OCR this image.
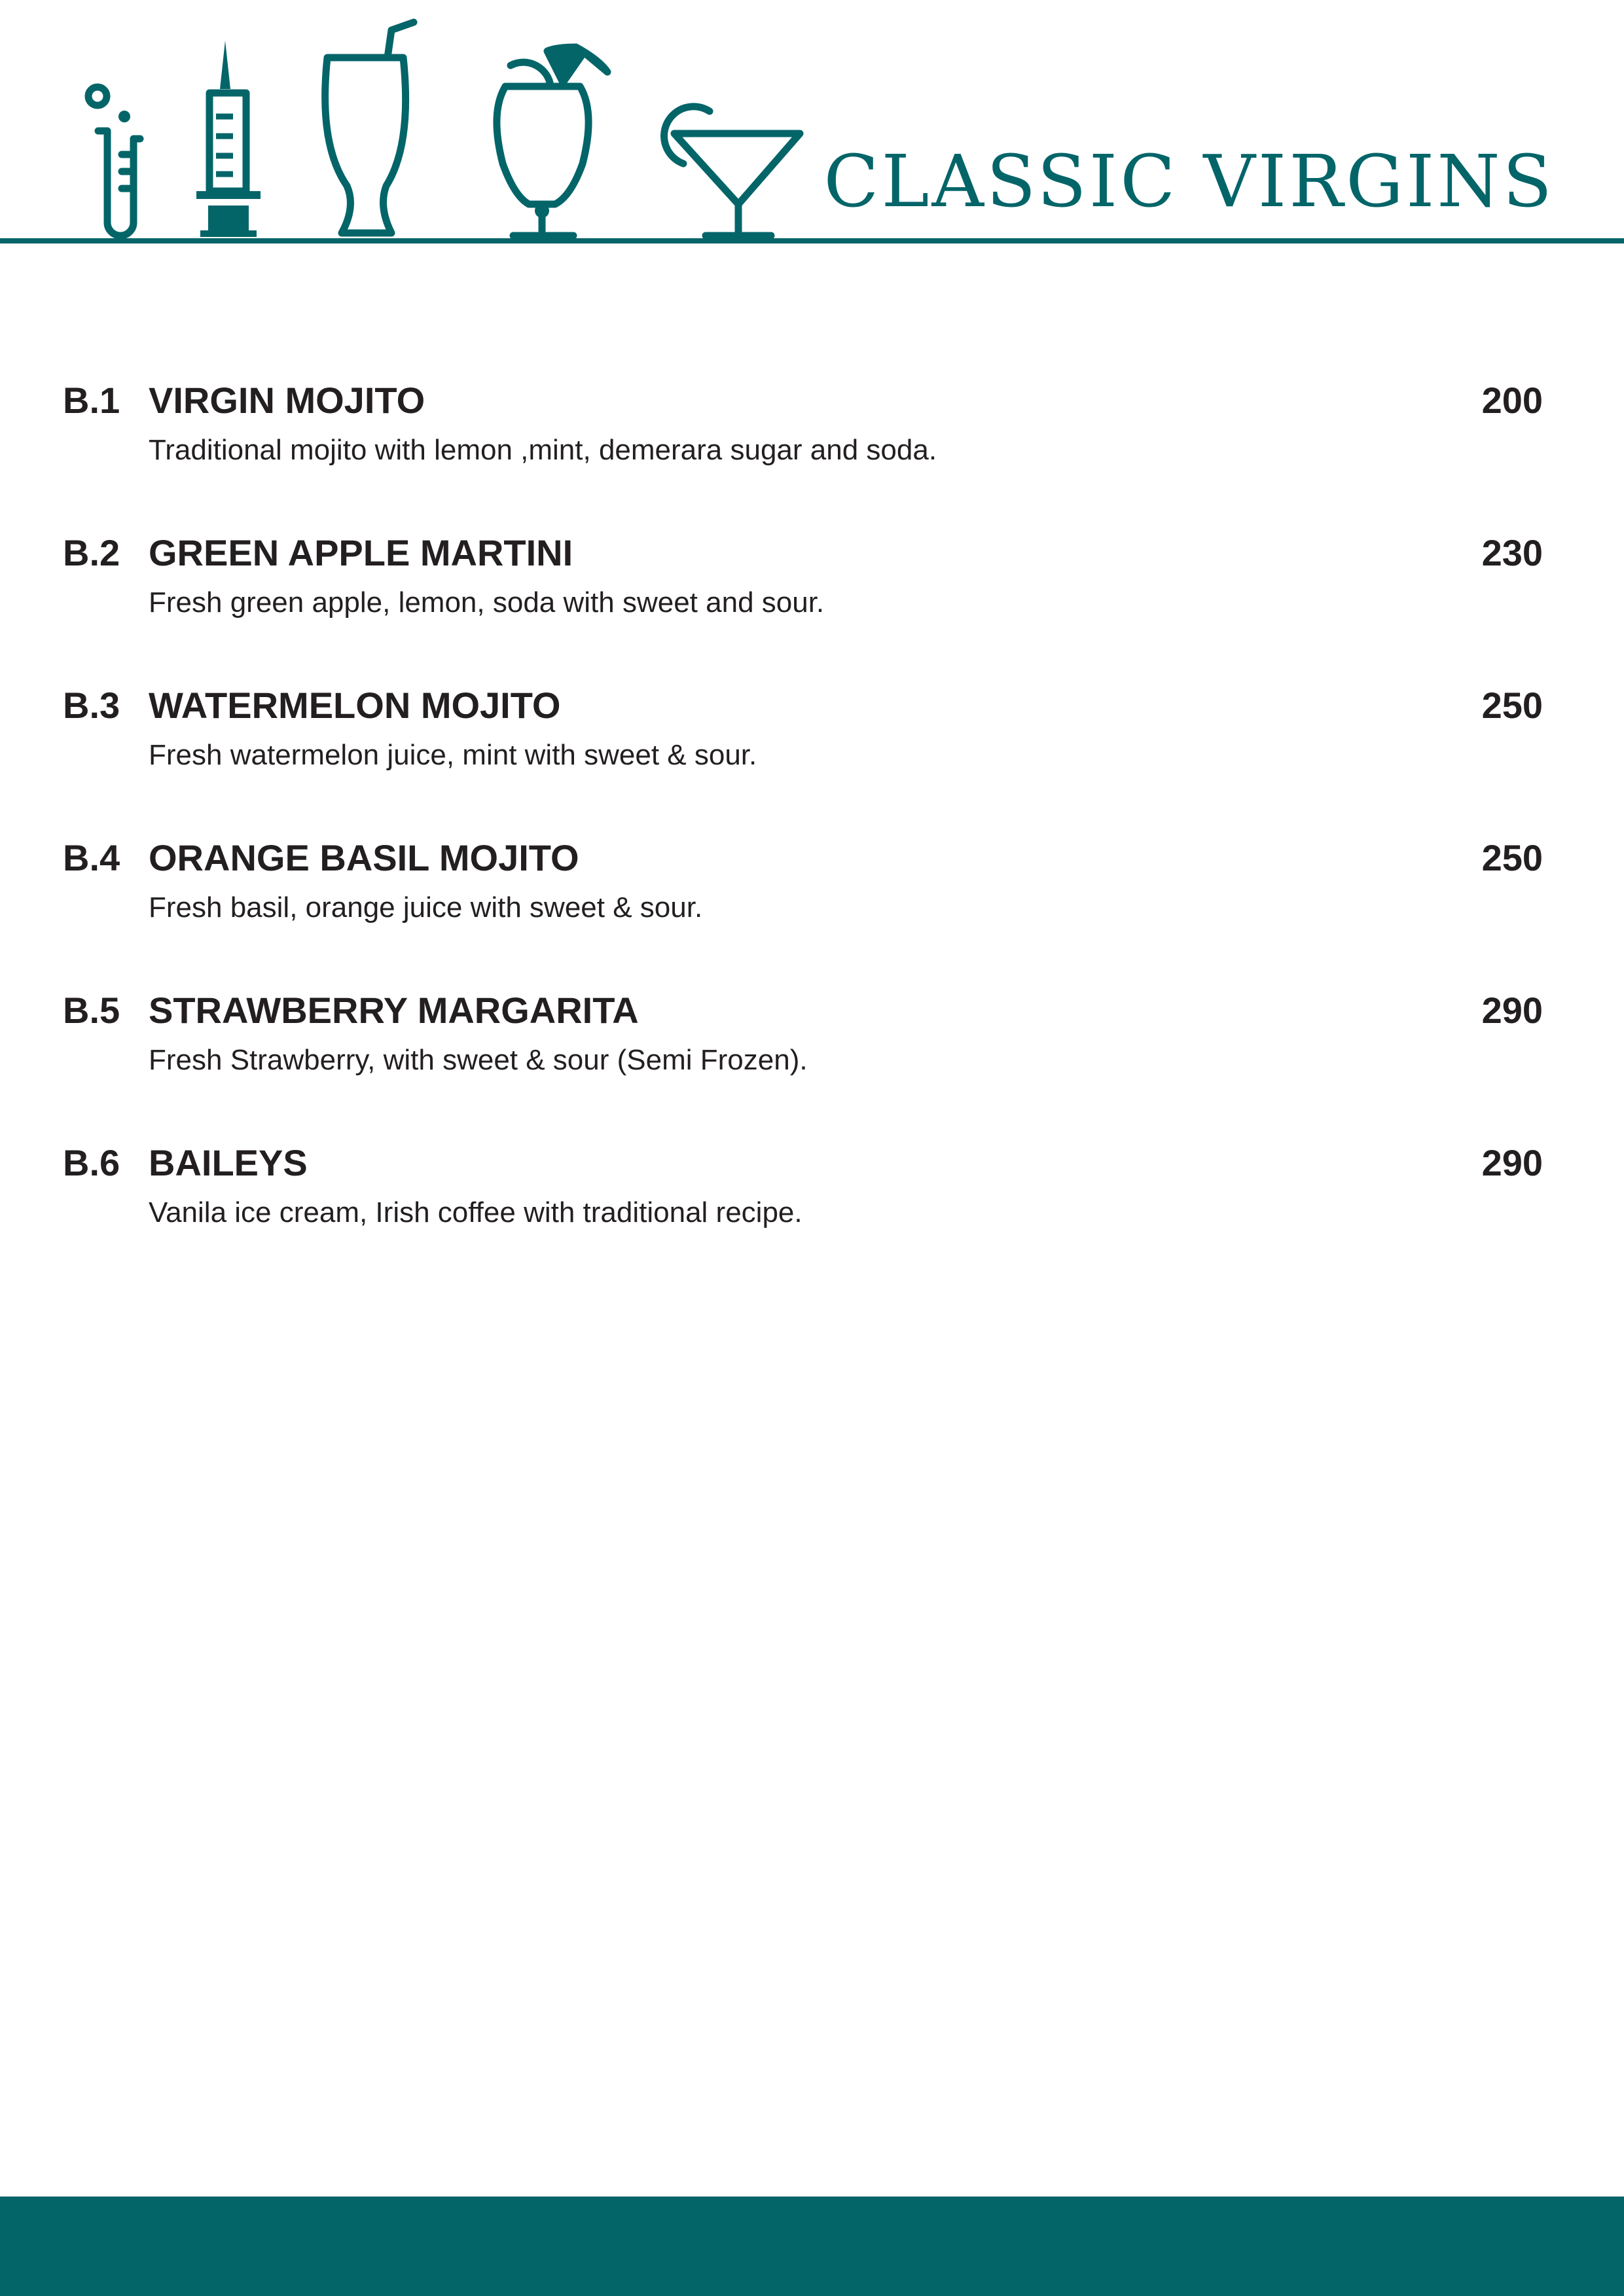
CLASSIC VIRGINS
B.1 VIRGIN MOJITO	200
Traditional mojito with lemon ,mint, demerara sugar and soda.
B.2 GREEN APPLE MARTINI	230
Fresh green apple, lemon, soda with sweet and sour.
B.3 WATERMELON MOJITO	250
Fresh watermelon juice, mint with sweet & sour.
B.4 ORANGE BASIL MOJITO	250
Fresh basil, orange juice with sweet & sour.
B.5 STRAWBERRY MARGARITA	290
Fresh Strawberry, with sweet & sour (Semi Frozen).
B.6 BAILEYS	290
Vanila ice cream, Irish coffee with traditional recipe.
